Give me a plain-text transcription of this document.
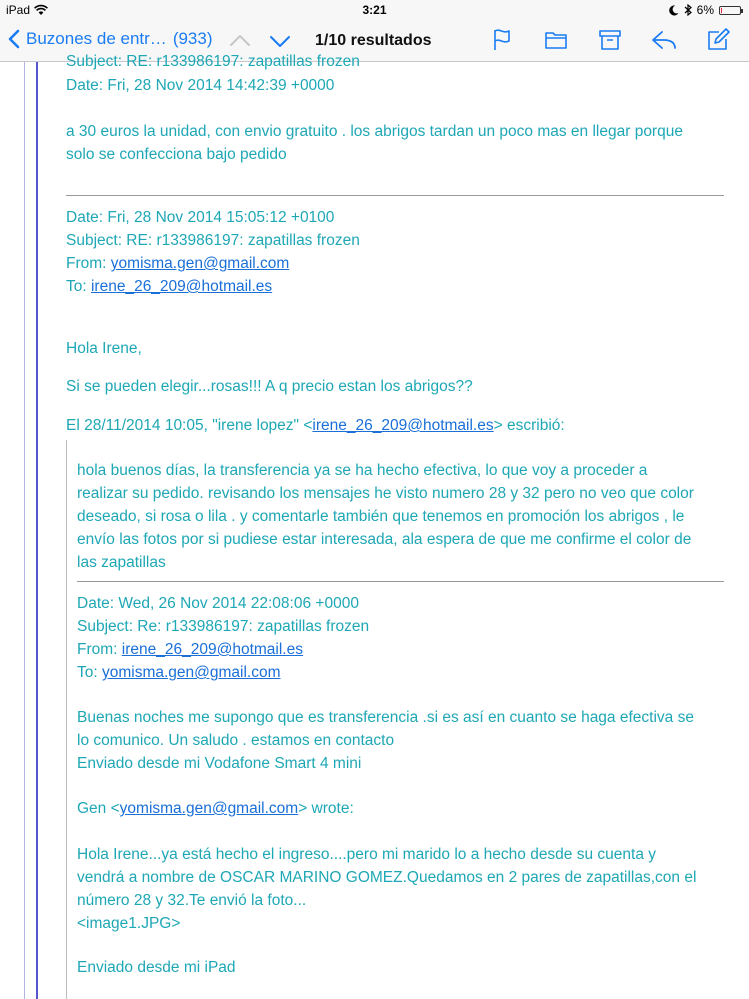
iPad	3:21	6%
Buzones de entr… (933)	1/10 resultados
Subject: RE: r133986197: zapatillas frozen
Date: Fri, 28 Nov 2014 14:42:39 +0000
a 30 euros la unidad, con envio gratuito . los abrigos tardan un poco mas en llegar porque
solo se confecciona bajo pedido
Date: Fri, 28 Nov 2014 15:05:12 +0100
Subject: RE: r133986197: zapatillas frozen
From: yomisma.gen@gmail.com
To: irene_26_209@hotmail.es
Hola Irene,
Si se pueden elegir...rosas!!! A q precio estan los abrigos??
El 28/11/2014 10:05, "irene lopez" <irene_26_209@hotmail.es> escribió:
hola buenos días, la transferencia ya se ha hecho efectiva, lo que voy a proceder a
realizar su pedido. revisando los mensajes he visto numero 28 y 32 pero no veo que color
deseado, si rosa o lila . y comentarle también que tenemos en promoción los abrigos , le
envío las fotos por si pudiese estar interesada, ala espera de que me confirme el color de
las zapatillas
Date: Wed, 26 Nov 2014 22:08:06 +0000
Subject: Re: r133986197: zapatillas frozen
From: irene_26_209@hotmail.es
To: yomisma.gen@gmail.com
Buenas noches me supongo que es transferencia .si es así en cuanto se haga efectiva se
lo comunico. Un saludo . estamos en contacto
Enviado desde mi Vodafone Smart 4 mini
Gen <yomisma.gen@gmail.com> wrote:
Hola Irene...ya está hecho el ingreso....pero mi marido lo a hecho desde su cuenta y
vendrá a nombre de OSCAR MARINO GOMEZ.Quedamos en 2 pares de zapatillas,con el
número 28 y 32.Te envió la foto...
<image1.JPG>
Enviado desde mi iPad
